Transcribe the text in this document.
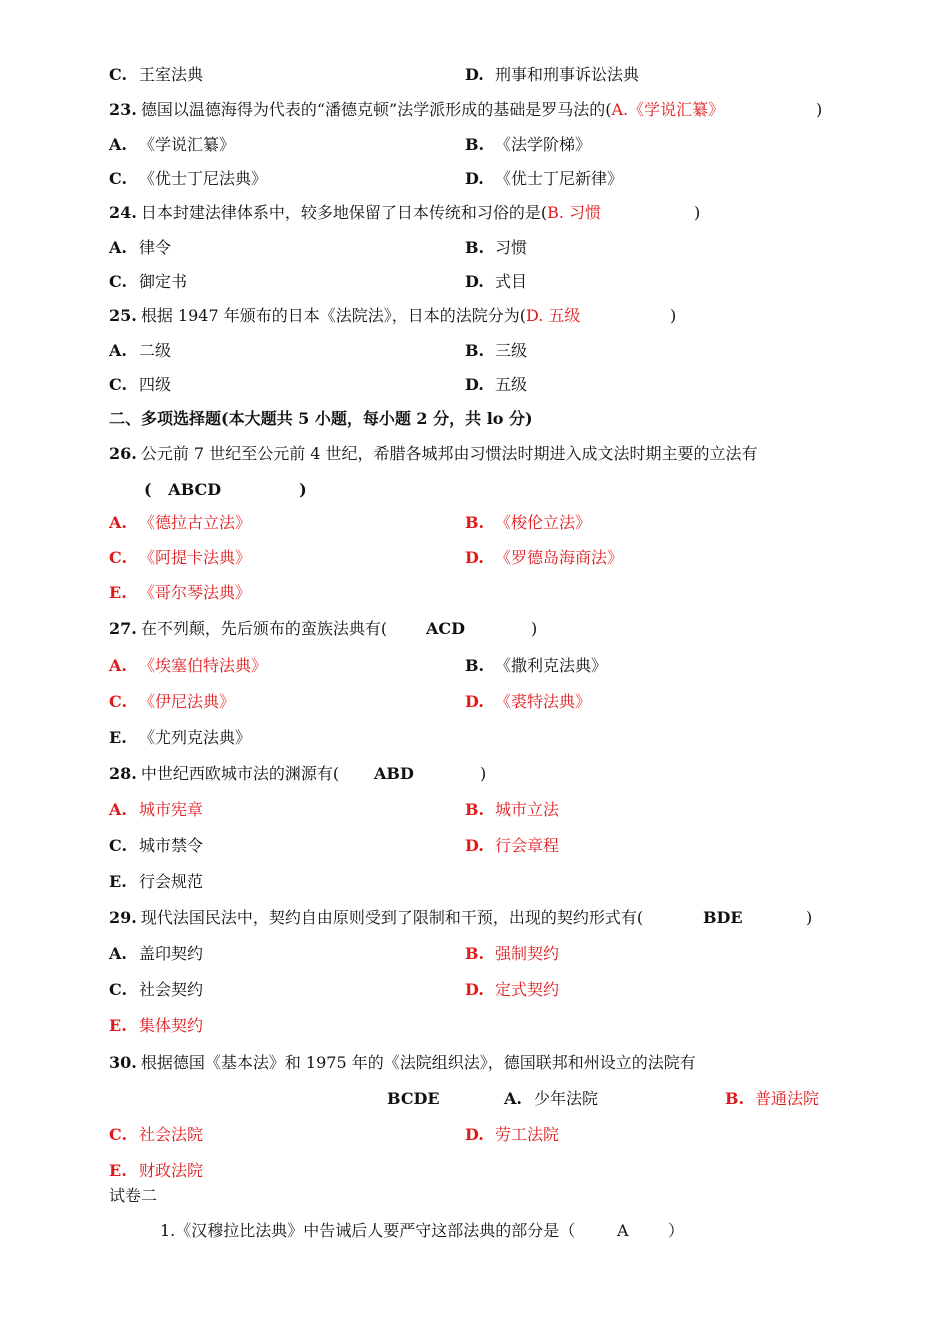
C. 王室法典	D. 刑事和刑事诉讼法典
23. 德国以温德海得为代表的“潘德克顿”法学派形成的基础是罗马法的(A.《学说汇纂》	)
A. 《学说汇纂》	B. 《法学阶梯》
C. 《优士丁尼法典》	D. 《优士丁尼新律》
24. 日本封建法律体系中，较多地保留了日本传统和习俗的是(B. 习惯	)
A. 律令	B. 习惯
C. 御定书	D. 式目
25. 根据 1947 年颁布的日本《法院法》，日本的法院分为(D. 五级	)
A. 二级	B. 三级
C. 四级	D. 五级
二、多项选择题(本大题共 5 小题，每小题 2 分，共 lo 分)
26. 公元前 7 世纪至公元前 4 世纪，希腊各城邦由习惯法时期进入成文法时期主要的立法有
(   ABCD              )
A. 《德拉古立法》	B. 《梭伦立法》
C. 《阿提卡法典》	D. 《罗德岛海商法》
E. 《哥尔琴法典》
27. 在不列颠，先后颁布的蛮族法典有( ACD	)
A. 《埃塞伯特法典》	B. 《撒利克法典》
C. 《伊尼法典》	D. 《裘特法典》
E. 《尤列克法典》
28. 中世纪西欧城市法的渊源有( ABD	)
A. 城市宪章	B. 城市立法
C. 城市禁令	D. 行会章程
E. 行会规范
29. 现代法国民法中，契约自由原则受到了限制和干预，出现的契约形式有(	BDE	)
A. 盖印契约	B. 强制契约
C. 社会契约	D. 定式契约
E. 集体契约
30. 根据德国《基本法》和 1975 年的《法院组织法》，德国联邦和州设立的法院有
BCDE	A. 少年法院	B. 普通法院
C. 社会法院	D. 劳工法院
E. 财政法院
试卷二
1.《汉穆拉比法典》中告诫后人要严守这部法典的部分是（	A ）
